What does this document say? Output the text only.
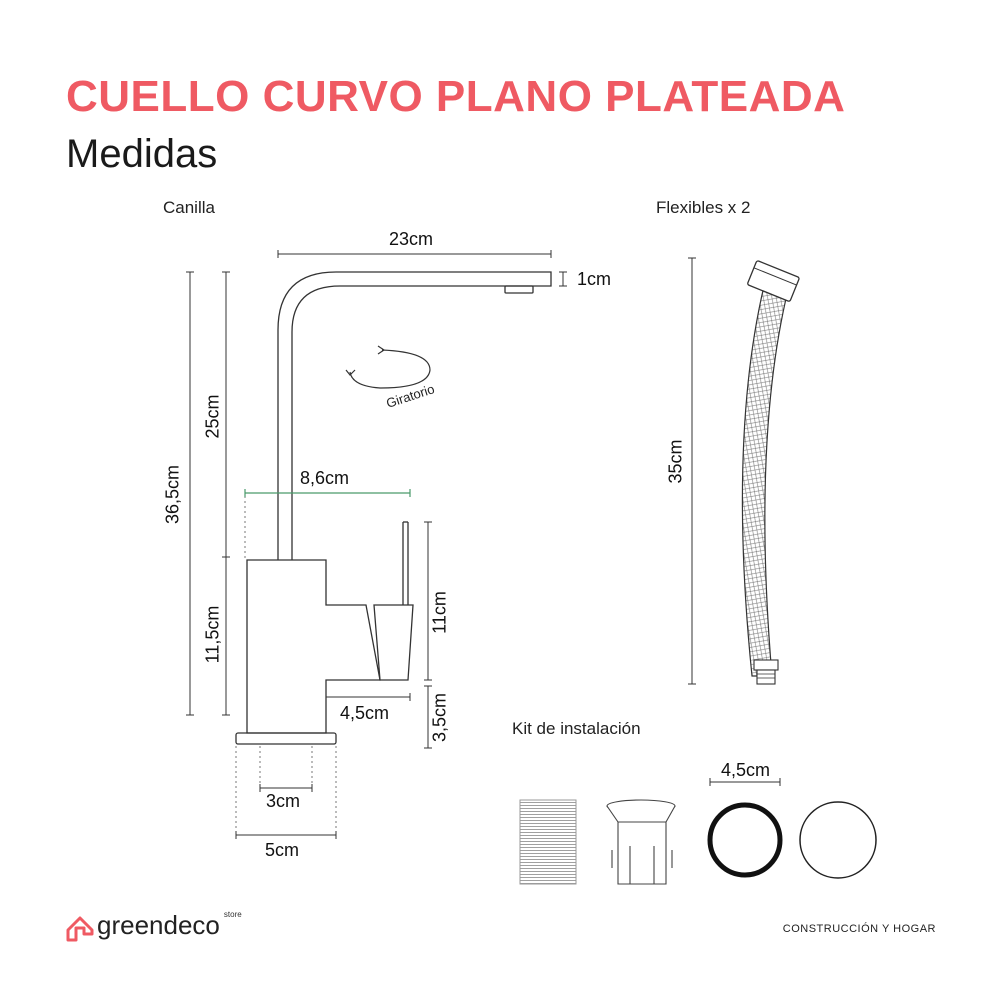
CUELLO CURVO PLANO PLATEADA
Medidas
Canilla	Flexibles x 2
Kit de instalación
Giratorio
23cm
1cm
8,6cm
4,5cm
3cm
5cm
4,5cm
36,5cm
25cm
11,5cm	11cm
3,5cm
35cm
greendeco store
CONSTRUCCIÓN Y HOGAR
